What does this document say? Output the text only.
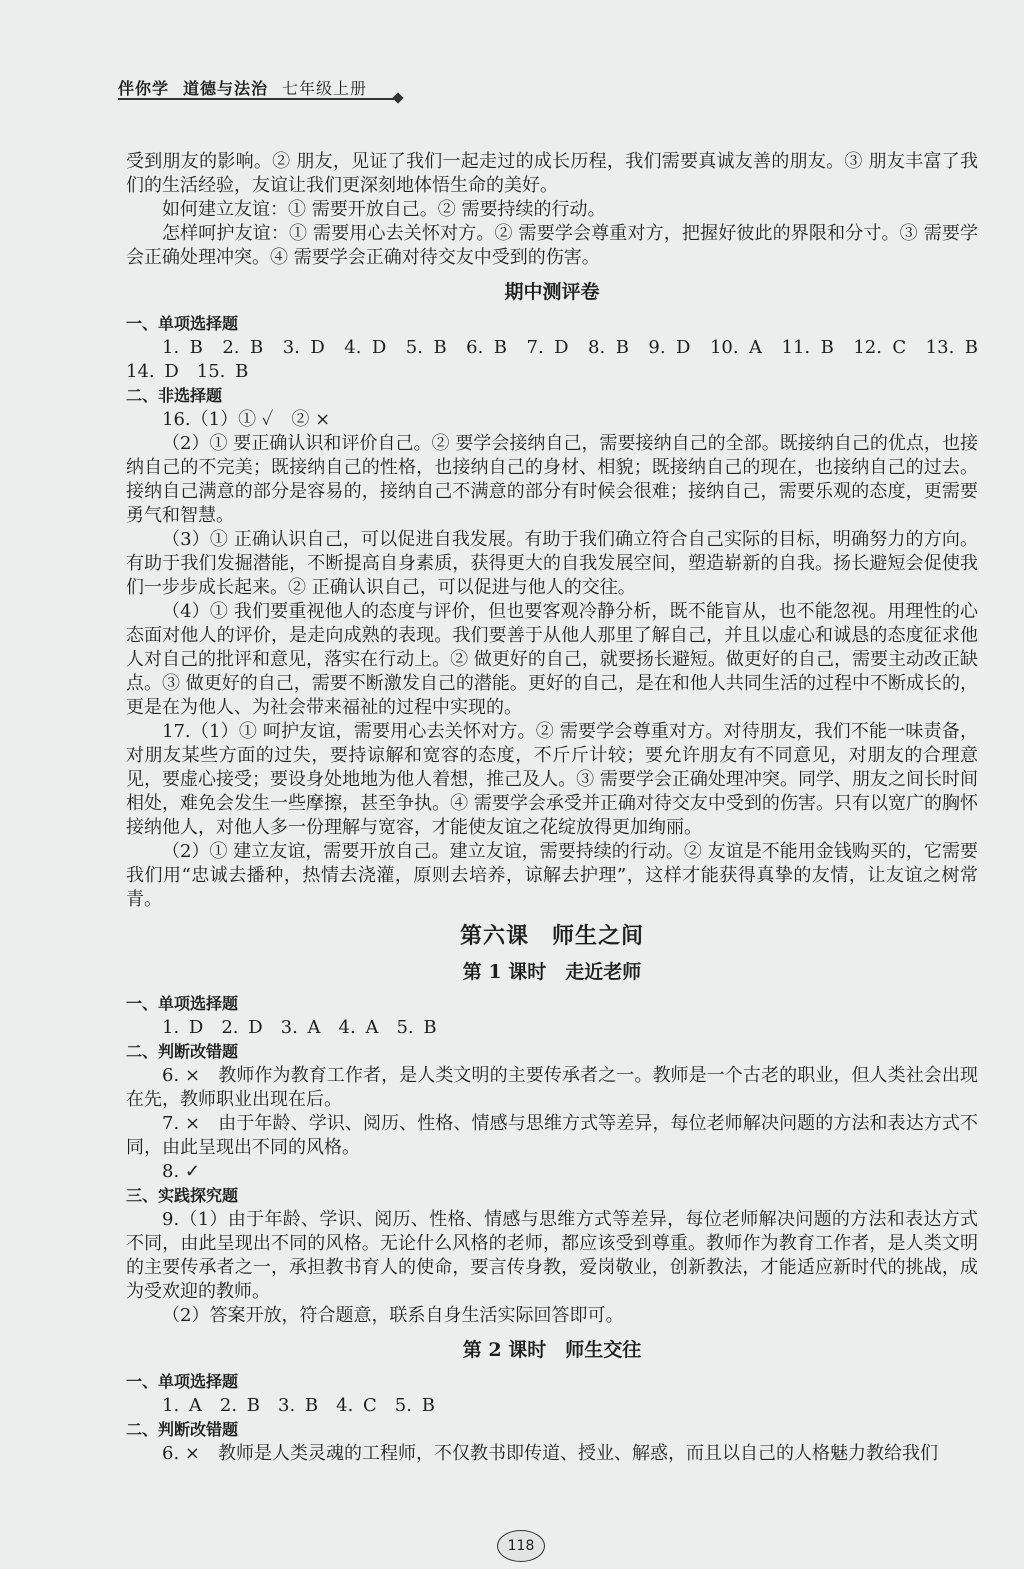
伴你学 道德与法治 七年级上册

受到朋友的影响。② 朋友，见证了我们一起走过的成长历程，我们需要真诚友善的朋友。③ 朋友丰富了我们的生活经验，友谊让我们更深刻地体悟生命的美好。

如何建立友谊：① 需要开放自己。② 需要持续的行动。

怎样呵护友谊：① 需要用心去关怀对方。② 需要学会尊重对方，把握好彼此的界限和分寸。③ 需要学会正确处理冲突。④ 需要学会正确对待交友中受到的伤害。

期中测评卷
一、单项选择题

1. B　2. B　3. D　4. D　5. B　6. B　7. D　8. B　9. D　10. A　11. B　12. C　13. B　14. D　15. B

二、非选择题

16.（1）① ✓　② ×

（2）① 要正确认识和评价自己。② 要学会接纳自己，需要接纳自己的全部。既接纳自己的优点，也接纳自己的不完美；既接纳自己的性格，也接纳自己的身材、相貌；既接纳自己的现在，也接纳自己的过去。接纳自己满意的部分是容易的，接纳自己不满意的部分有时候会很难；接纳自己，需要乐观的态度，更需要勇气和智慧。

（3）① 正确认识自己，可以促进自我发展。有助于我们确立符合自己实际的目标，明确努力的方向。有助于我们发掘潜能，不断提高自身素质，获得更大的自我发展空间，塑造崭新的自我。扬长避短会促使我们一步步成长起来。② 正确认识自己，可以促进与他人的交往。

（4）① 我们要重视他人的态度与评价，但也要客观冷静分析，既不能盲从，也不能忽视。用理性的心态面对他人的评价，是走向成熟的表现。我们要善于从他人那里了解自己，并且以虚心和诚恳的态度征求他人对自己的批评和意见，落实在行动上。② 做更好的自己，就要扬长避短。做更好的自己，需要主动改正缺点。③ 做更好的自己，需要不断激发自己的潜能。更好的自己，是在和他人共同生活的过程中不断成长的，更是在为他人、为社会带来福祉的过程中实现的。

17.（1）① 呵护友谊，需要用心去关怀对方。② 需要学会尊重对方。对待朋友，我们不能一味责备，对朋友某些方面的过失，要持谅解和宽容的态度，不斤斤计较；要允许朋友有不同意见，对朋友的合理意见，要虚心接受；要设身处地地为他人着想，推己及人。③ 需要学会正确处理冲突。同学、朋友之间长时间相处，难免会发生一些摩擦，甚至争执。④ 需要学会承受并正确对待交友中受到的伤害。只有以宽广的胸怀接纳他人，对他人多一份理解与宽容，才能使友谊之花绽放得更加绚丽。

（2）① 建立友谊，需要开放自己。建立友谊，需要持续的行动。② 友谊是不能用金钱购买的，它需要我们用“忠诚去播种，热情去浇灌，原则去培养，谅解去护理”，这样才能获得真挚的友情，让友谊之树常青。

第六课　师生之间
第 1 课时　走近老师
一、单项选择题

1. D　2. D　3. A　4. A　5. B

二、判断改错题

6. ×　教师作为教育工作者，是人类文明的主要传承者之一。教师是一个古老的职业，但人类社会出现在先，教师职业出现在后。

7. ×　由于年龄、学识、阅历、性格、情感与思维方式等差异，每位老师解决问题的方法和表达方式不同，由此呈现出不同的风格。

8. ✓

三、实践探究题

9.（1）由于年龄、学识、阅历、性格、情感与思维方式等差异，每位老师解决问题的方法和表达方式不同，由此呈现出不同的风格。无论什么风格的老师，都应该受到尊重。教师作为教育工作者，是人类文明的主要传承者之一，承担教书育人的使命，要言传身教，爱岗敬业，创新教法，才能适应新时代的挑战，成为受欢迎的教师。

（2）答案开放，符合题意，联系自身生活实际回答即可。

第 2 课时　师生交往
一、单项选择题

1. A　2. B　3. B　4. C　5. B

二、判断改错题

6. ×　教师是人类灵魂的工程师，不仅教书即传道、授业、解惑，而且以自己的人格魅力教给我们

118
